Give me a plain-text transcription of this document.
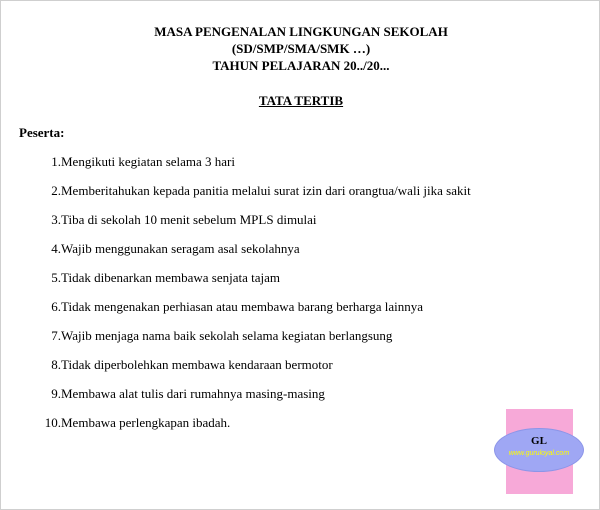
MASA PENGENALAN LINGKUNGAN SEKOLAH
(SD/SMP/SMA/SMK …)
TAHUN PELAJARAN 20../20...
TATA TERTIB
Peserta:
1. Mengikuti kegiatan selama 3 hari
2. Memberitahukan kepada panitia melalui surat izin dari orangtua/wali jika sakit
3. Tiba di sekolah 10 menit sebelum MPLS dimulai
4. Wajib menggunakan seragam asal sekolahnya
5. Tidak dibenarkan membawa senjata tajam
6. Tidak mengenakan perhiasan atau membawa barang berharga lainnya
7. Wajib menjaga nama baik sekolah selama kegiatan berlangsung
8. Tidak diperbolehkan membawa kendaraan bermotor
9. Membawa alat tulis dari rumahnya masing-masing
10. Membawa perlengkapan ibadah.
GL
www.guruloyal.com
